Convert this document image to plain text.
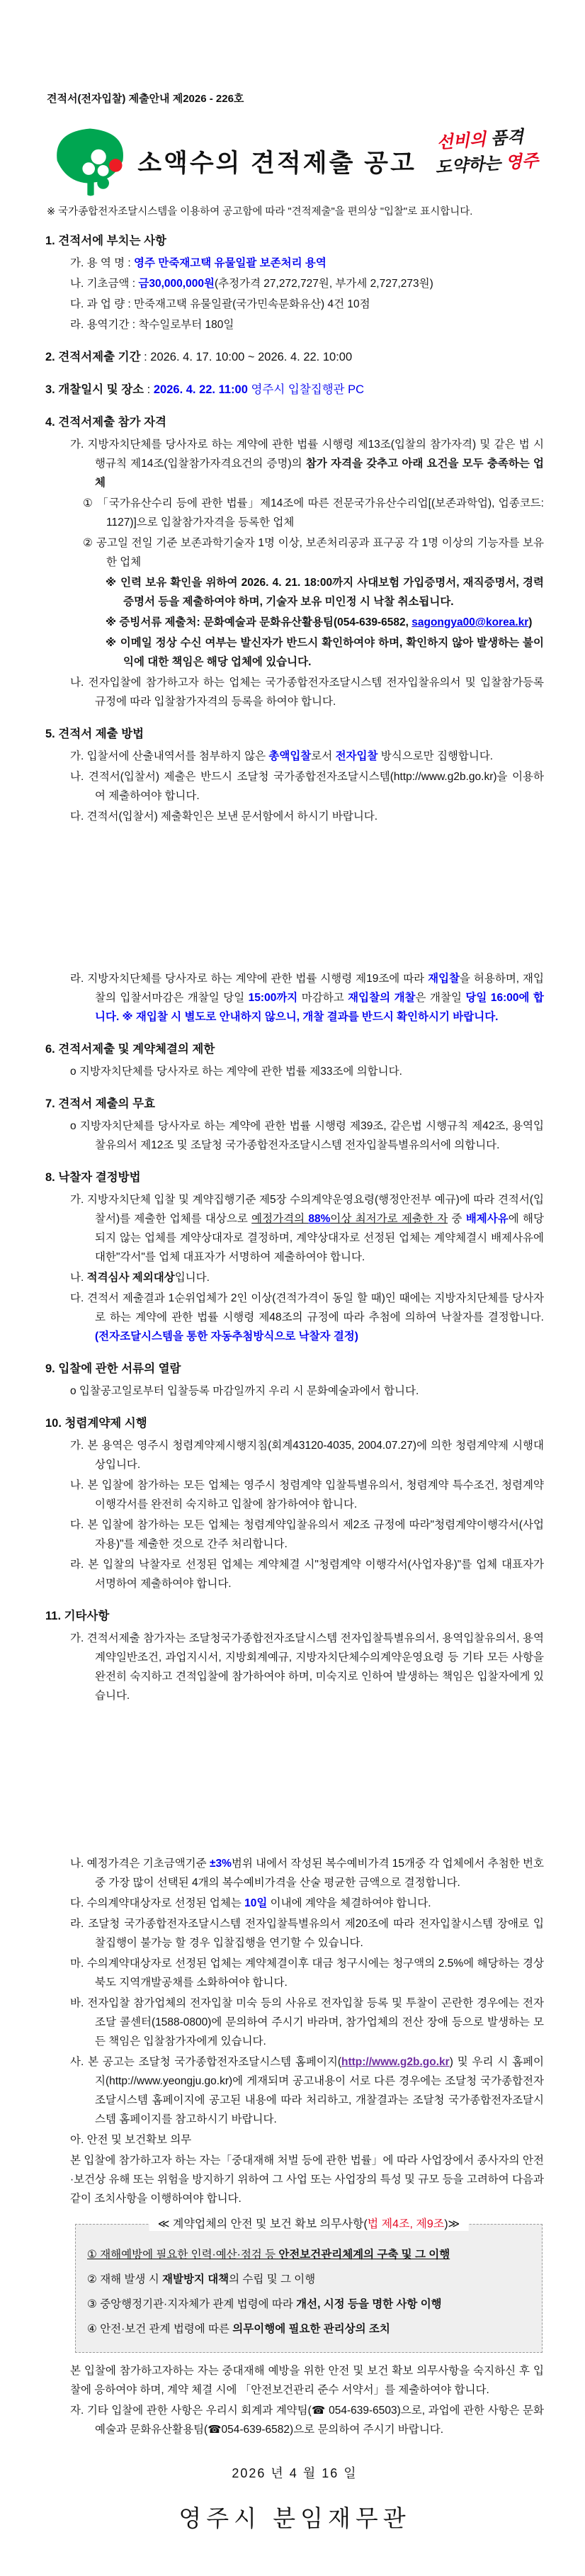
견적서(전자입찰) 제출안내 제2026 - 226호
소액수의 견적제출 공고
선비의 품격
도약하는 영주
※ 국가종합전자조달시스템을 이용하여 공고함에 따라 "견적제출"을 편의상 "입찰"로 표시합니다.
1. 견적서에 부치는 사항
가. 용 역 명 : 영주 만죽재고택 유물일괄 보존처리 용역
나. 기초금액 : 금30,000,000원(추정가격 27,272,727원, 부가세 2,727,273원)
다. 과 업 량 : 만죽재고택 유물일괄(국가민속문화유산) 4건 10점
라. 용역기간 : 착수일로부터 180일
2. 견적서제출 기간 : 2026. 4. 17. 10:00 ~ 2026. 4. 22. 10:00
3. 개찰일시 및 장소 : 2026. 4. 22. 11:00 영주시 입찰집행관 PC
4. 견적서제출 참가 자격
가. 지방자치단체를 당사자로 하는 계약에 관한 법률 시행령 제13조(입찰의 참가자격) 및 같은 법 시행규칙 제14조(입찰참가자격요건의 증명)의 참가 자격을 갖추고 아래 요건을 모두 충족하는 업체
① 「국가유산수리 등에 관한 법률」제14조에 따른 전문국가유산수리업[(보존과학업), 업종코드: 1127)]으로 입찰참가자격을 등록한 업체
② 공고일 전일 기준 보존과학기술자 1명 이상, 보존처리공과 표구공 각 1명 이상의 기능자를 보유한 업체
※ 인력 보유 확인을 위하여 2026. 4. 21. 18:00까지 사대보험 가입증명서, 재직증명서, 경력증명서 등을 제출하여야 하며, 기술자 보유 미인정 시 낙찰 취소됩니다.
※ 증빙서류 제출처: 문화예술과 문화유산활용팀(054-639-6582, sagongya00@korea.kr)
※ 이메일 정상 수신 여부는 발신자가 반드시 확인하여야 하며, 확인하지 않아 발생하는 불이익에 대한 책임은 해당 업체에 있습니다.
나. 전자입찰에 참가하고자 하는 업체는 국가종합전자조달시스템 전자입찰유의서 및 입찰참가등록 규정에 따라 입찰참가자격의 등록을 하여야 합니다.
5. 견적서 제출 방법
가. 입찰서에 산출내역서를 첨부하지 않은 총액입찰로서 전자입찰 방식으로만 집행합니다.
나. 견적서(입찰서) 제출은 반드시 조달청 국가종합전자조달시스템(http://www.g2b.go.kr)을 이용하여 제출하여야 합니다.
다. 견적서(입찰서) 제출확인은 보낸 문서함에서 하시기 바랍니다.
라. 지방자치단체를 당사자로 하는 계약에 관한 법률 시행령 제19조에 따라 재입찰을 허용하며, 재입찰의 입찰서마감은 개찰일 당일 15:00까지 마감하고 재입찰의 개찰은 개찰일 당일 16:00에 합니다. ※ 재입찰 시 별도로 안내하지 않으니, 개찰 결과를 반드시 확인하시기 바랍니다.
6. 견적서제출 및 계약체결의 제한
o 지방자치단체를 당사자로 하는 계약에 관한 법률 제33조에 의합니다.
7. 견적서 제출의 무효
o 지방자치단체를 당사자로 하는 계약에 관한 법률 시행령 제39조, 같은법 시행규칙 제42조, 용역입찰유의서 제12조 및 조달청 국가종합전자조달시스템 전자입찰특별유의서에 의합니다.
8. 낙찰자 결정방법
가. 지방자치단체 입찰 및 계약집행기준 제5장 수의계약운영요령(행정안전부 예규)에 따라 견적서(입찰서)를 제출한 업체를 대상으로 예정가격의 88%이상 최저가로 제출한 자 중 배제사유에 해당되지 않는 업체를 계약상대자로 결정하며, 계약상대자로 선정된 업체는 계약체결시 배제사유에 대한"각서"를 업체 대표자가 서명하여 제출하여야 합니다.
나. 적격심사 제외대상입니다.
다. 견적서 제출결과 1순위업체가 2인 이상(견적가격이 동일 할 때)인 때에는 지방자치단체를 당사자로 하는 계약에 관한 법률 시행령 제48조의 규정에 따라 추첨에 의하여 낙찰자를 결정합니다. (전자조달시스템을 통한 자동추첨방식으로 낙찰자 결정)
9. 입찰에 관한 서류의 열람
o 입찰공고일로부터 입찰등록 마감일까지 우리 시 문화예술과에서 합니다.
10. 청렴계약제 시행
가. 본 용역은 영주시 청렴계약제시행지침(회계43120-4035, 2004.07.27)에 의한 청렴계약제 시행대상입니다.
나. 본 입찰에 참가하는 모든 업체는 영주시 청렴계약 입찰특별유의서, 청렴계약 특수조건, 청렴계약 이행각서를 완전히 숙지하고 입찰에 참가하여야 합니다.
다. 본 입찰에 참가하는 모든 업체는 청렴계약입찰유의서 제2조 규정에 따라"청렴계약이행각서(사업자용)"를 제출한 것으로 간주 처리합니다.
라. 본 입찰의 낙찰자로 선정된 업체는 계약체결 시"청렴계약 이행각서(사업자용)"를 업체 대표자가 서명하여 제출하여야 합니다.
11. 기타사항
가. 견적서제출 참가자는 조달청국가종합전자조달시스템 전자입찰특별유의서, 용역입찰유의서, 용역계약일반조건, 과업지시서, 지방회계예규, 지방자치단체수의계약운영요령 등 기타 모든 사항을 완전히 숙지하고 견적입찰에 참가하여야 하며, 미숙지로 인하여 발생하는 책임은 입찰자에게 있습니다.
나. 예정가격은 기초금액기준 ±3%범위 내에서 작성된 복수예비가격 15개중 각 업체에서 추첨한 번호 중 가장 많이 선택된 4개의 복수예비가격을 산술 평균한 금액으로 결정합니다.
다. 수의계약대상자로 선정된 업체는 10일 이내에 계약을 체결하여야 합니다.
라. 조달청 국가종합전자조달시스템 전자입찰특별유의서 제20조에 따라 전자입찰시스템 장애로 입찰집행이 불가능 할 경우 입찰집행을 연기할 수 있습니다.
마. 수의계약대상자로 선정된 업체는 계약체결이후 대금 청구시에는 청구액의 2.5%에 해당하는 경상북도 지역개발공채를 소화하여야 합니다.
바. 전자입찰 참가업체의 전자입찰 미숙 등의 사유로 전자입찰 등록 및 투찰이 곤란한 경우에는 전자조달 콜센터(1588-0800)에 문의하여 주시기 바라며, 참가업체의 전산 장애 등으로 발생하는 모든 책임은 입찰참가자에게 있습니다.
사. 본 공고는 조달청 국가종합전자조달시스템 홈페이지(http://www.g2b.go.kr) 및 우리 시 홈페이지(http://www.yeongju.go.kr)에 게재되며 공고내용이 서로 다른 경우에는 조달청 국가종합전자조달시스템 홈페이지에 공고된 내용에 따라 처리하고, 개찰결과는 조달청 국가종합전자조달시스템 홈페이지를 참고하시기 바랍니다.
아. 안전 및 보건확보 의무
본 입찰에 참가하고자 하는 자는「중대재해 처벌 등에 관한 법률」에 따라 사업장에서 종사자의 안전·보건상 유해 또는 위험을 방지하기 위하여 그 사업 또는 사업장의 특성 및 규모 등을 고려하여 다음과 같이 조치사항을 이행하여야 합니다.
≪ 계약업체의 안전 및 보건 확보 의무사항(법 제4조, 제9조)≫
① 재해예방에 필요한 인력·예산·점검 등 안전보건관리체계의 구축 및 그 이행
② 재해 발생 시 재발방지 대책의 수립 및 그 이행
③ 중앙행정기관·지자체가 관계 법령에 따라 개선, 시정 등을 명한 사항 이행
④ 안전·보건 관계 법령에 따른 의무이행에 필요한 관리상의 조치
본 입찰에 참가하고자하는 자는 중대재해 예방을 위한 안전 및 보건 확보 의무사항을 숙지하신 후 입찰에 응하여야 하며, 계약 체결 시에 「안전보건관리 준수 서약서」를 제출하여야 합니다.
자. 기타 입찰에 관한 사항은 우리시 회계과 계약팀(☎ 054-639-6503)으로, 과업에 관한 사항은 문화예술과 문화유산활용팀(☎054-639-6582)으로 문의하여 주시기 바랍니다.
2026 년 4 월 16 일
영주시 분임재무관
